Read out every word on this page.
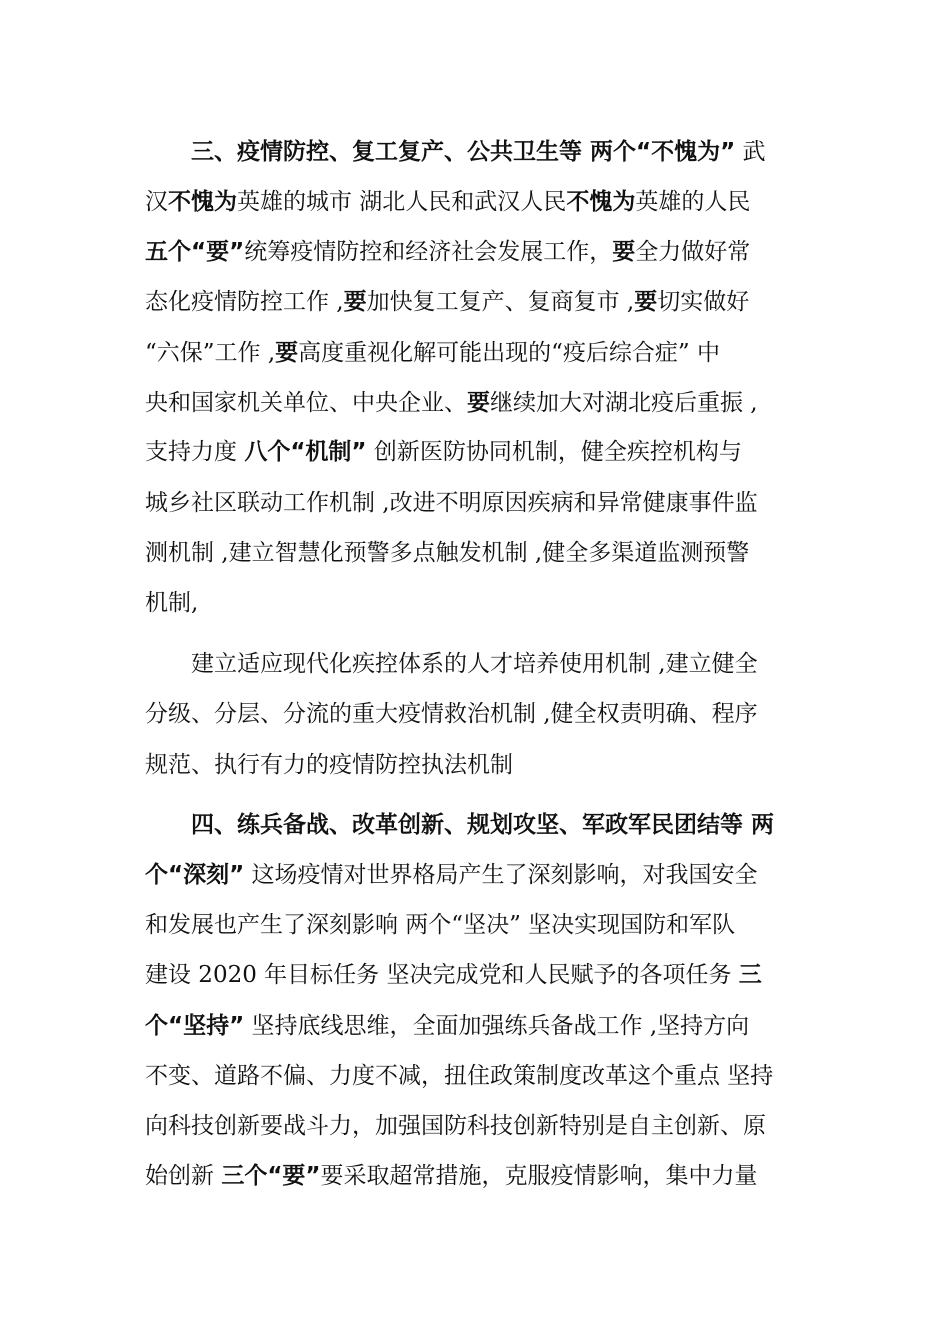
　　三、疫情防控、复工复产、公共卫生等 两个“不愧为” 武
汉不愧为英雄的城市 湖北人民和武汉人民不愧为英雄的人民
五个“要”统筹疫情防控和经济社会发展工作，要全力做好常
态化疫情防控工作 ,要加快复工复产、复商复市 ,要切实做好
“六保”工作 ,要高度重视化解可能出现的“疫后综合症” 中
央和国家机关单位、中央企业、要继续加大对湖北疫后重振 ,
支持力度 八个“机制” 创新医防协同机制，健全疾控机构与
城乡社区联动工作机制 ,改进不明原因疾病和异常健康事件监
测机制 ,建立智慧化预警多点触发机制 ,健全多渠道监测预警
机制,
　　建立适应现代化疾控体系的人才培养使用机制 ,建立健全
分级、分层、分流的重大疫情救治机制 ,健全权责明确、程序
规范、执行有力的疫情防控执法机制
　　四、练兵备战、改革创新、规划攻坚、军政军民团结等 两
个“深刻” 这场疫情对世界格局产生了深刻影响，对我国安全
和发展也产生了深刻影响 两个“坚决” 坚决实现国防和军队
建设 2020 年目标任务 坚决完成党和人民赋予的各项任务 三
个“坚持” 坚持底线思维，全面加强练兵备战工作 ,坚持方向
不变、道路不偏、力度不减，扭住政策制度改革这个重点 坚持
向科技创新要战斗力，加强国防科技创新特别是自主创新、原
始创新 三个“要”要采取超常措施，克服疫情影响，集中力量
